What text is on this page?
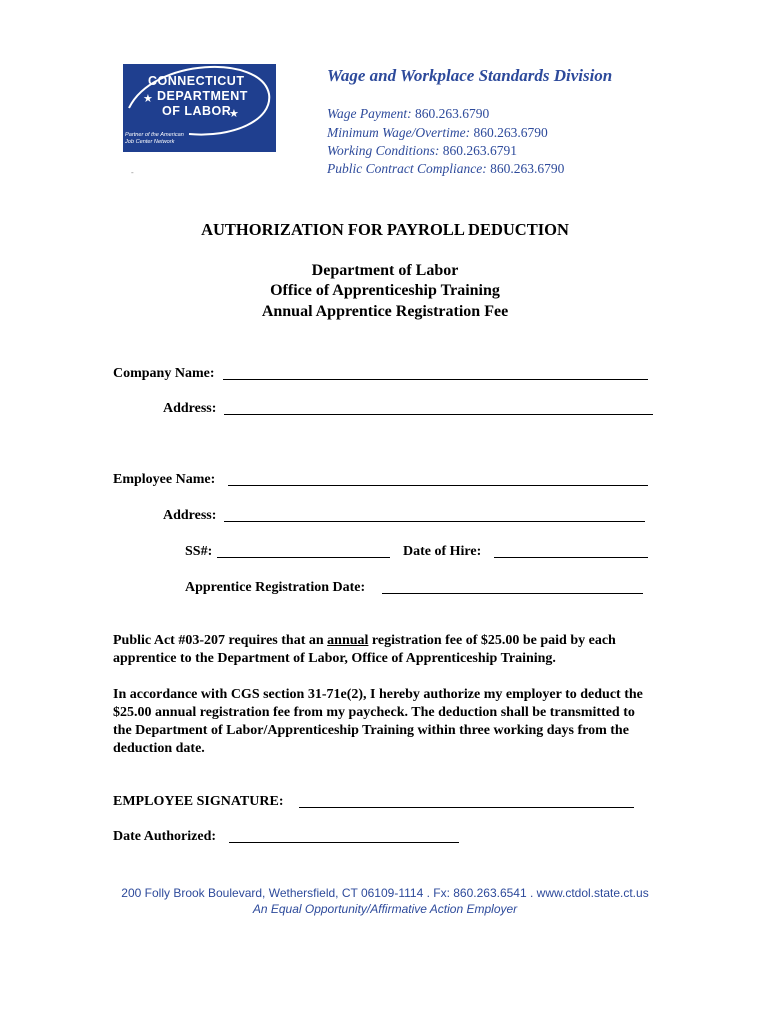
CONNECTICUT
★ DEPARTMENT
OF LABOR
★
Partner of the American
Job Center Network
-
Wage and Workplace Standards Division
Wage Payment: 860.263.6790
Minimum Wage/Overtime: 860.263.6790
Working Conditions: 860.263.6791
Public Contract Compliance: 860.263.6790
AUTHORIZATION FOR PAYROLL DEDUCTION
Department of Labor
Office of Apprenticeship Training
Annual Apprentice Registration Fee
Company Name:
Address:
Employee Name:
Address:
SS#:	Date of Hire:
Apprentice Registration Date:
Public Act #03-207 requires that an annual registration fee of $25.00 be paid by each apprentice to the Department of Labor, Office of Apprenticeship Training.
In accordance with CGS section 31-71e(2), I hereby authorize my employer to deduct the $25.00 annual registration fee from my paycheck. The deduction shall be transmitted to the Department of Labor/Apprenticeship Training within three working days from the deduction date.
EMPLOYEE SIGNATURE:
Date Authorized:
200 Folly Brook Boulevard, Wethersfield, CT 06109-1114 . Fx: 860.263.6541 . www.ctdol.state.ct.us
An Equal Opportunity/Affirmative Action Employer
